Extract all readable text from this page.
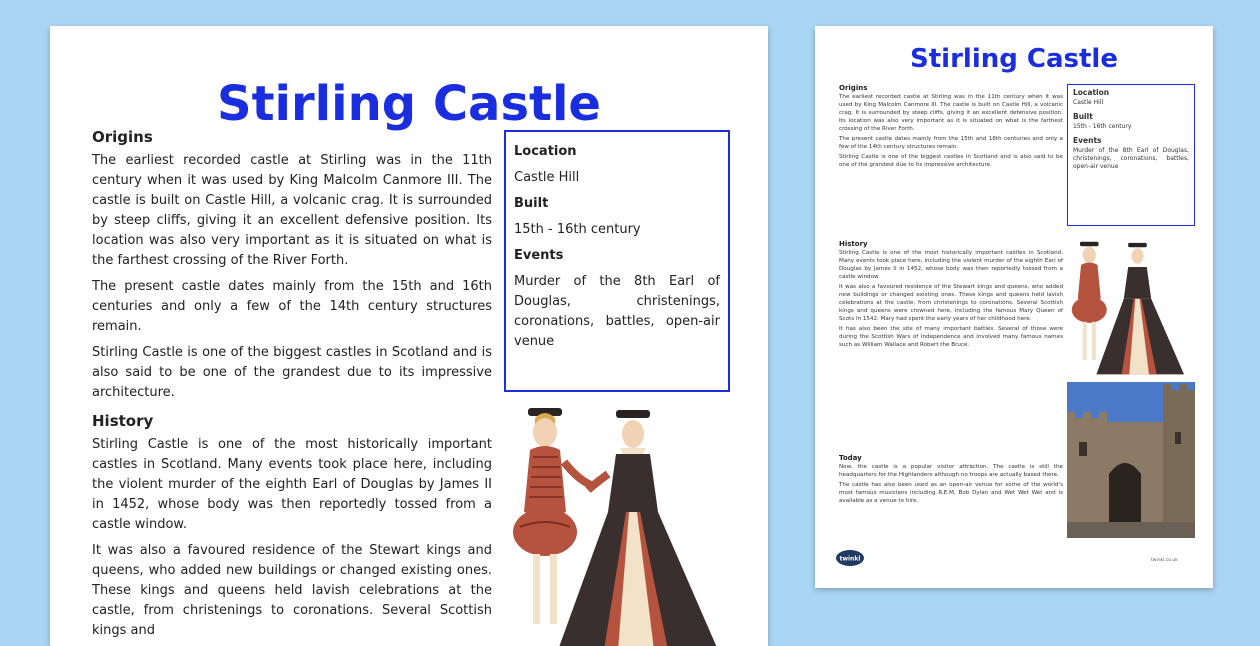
Stirling Castle
Origins

The earliest recorded castle at Stirling was in the 11th century when it was used by King Malcolm Canmore III. The castle is built on Castle Hill, a volcanic crag. It is surrounded by steep cliffs, giving it an excellent defensive position. Its location was also very important as it is situated on what is the farthest crossing of the River Forth.

The present castle dates mainly from the 15th and 16th centuries and only a few of the 14th century structures remain.

Stirling Castle is one of the biggest castles in Scotland and is also said to be one of the grandest due to its impressive architecture.

History

Stirling Castle is one of the most historically important castles in Scotland. Many events took place here, including the violent murder of the eighth Earl of Douglas by James II in 1452, whose body was then reportedly tossed from a castle window.

It was also a favoured residence of the Stewart kings and queens, who added new buildings or changed existing ones. These kings and queens held lavish celebrations at the castle, from christenings to coronations. Several Scottish kings and

Location

Castle Hill

Built

15th - 16th century

Events

Murder of the 8th Earl of Douglas, christenings, coronations, battles, open-air venue

Stirling Castle
Origins

The earliest recorded castle at Stirling was in the 11th century when it was used by King Malcolm Canmore III. The castle is built on Castle Hill, a volcanic crag. It is surrounded by steep cliffs, giving it an excellent defensive position. Its location was also very important as it is situated on what is the farthest crossing of the River Forth.

The present castle dates mainly from the 15th and 16th centuries and only a few of the 14th century structures remain.

Stirling Castle is one of the biggest castles in Scotland and is also said to be one of the grandest due to its impressive architecture.

History

Stirling Castle is one of the most historically important castles in Scotland. Many events took place here, including the violent murder of the eighth Earl of Douglas by James II in 1452, whose body was then reportedly tossed from a castle window.

It was also a favoured residence of the Stewart kings and queens, who added new buildings or changed existing ones. These kings and queens held lavish celebrations at the castle, from christenings to coronations. Several Scottish kings and queens were crowned here, including the famous Mary Queen of Scots in 1542. Mary had spent the early years of her childhood here.

It has also been the site of many important battles. Several of those were during the Scottish Wars of Independence and involved many famous names such as William Wallace and Robert the Bruce.

Today

Now, the castle is a popular visitor attraction. The castle is still the headquarters for the Highlanders although no troops are actually based there.

The castle has also been used as an open-air venue for some of the world's most famous musicians including R.E.M, Bob Dylan and Wet Wet Wet and is available as a venue to hire.

Location

Castle Hill

Built

15th - 16th century

Events

Murder of the 8th Earl of Douglas, christenings, coronations, battles, open-air venue

twinkl	twinkl.co.uk
